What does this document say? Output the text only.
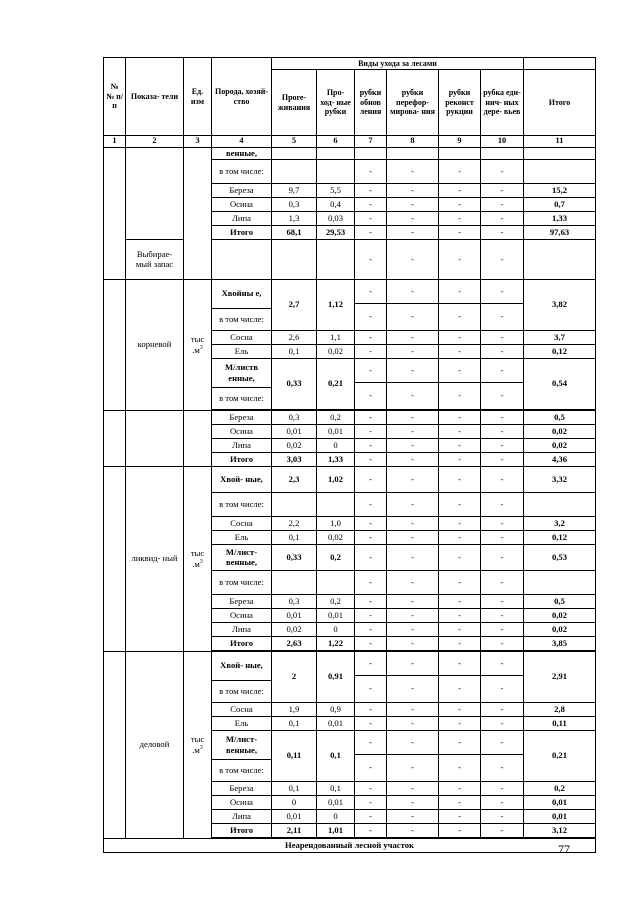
№ № п/п	Показа- тели	Ед. изм	Порода, хозяй- ство	Виды ухода за лесами						
				Прore- живания	Про- ход- ные рубки	рубки обнов ления	рубки перефор- мирова- ния	рубки реконст рукции	рубка еди- нич- ных дере- вьев	Итого
1	2	3	4	5	6	7	8	9	10	11
			венные,							
			в том числе:			-	-	-	-	
			Береза	9,7	5,5	-	-	-	-	15,2
			Осина	0,3	0,4	-	-	-	-	0,7
			Липа	1,3	0,03	-	-	-	-	1,33
			Итого	68,1	29,53	-	-	-	-	97,63
	Выбирае- мый запас					-	-	-	-	
	корневой	тыс $.м^3$	Хвойны е,	2,7	1,12	-	-	-	-	3,82
						-	-	-	-	
			в том числе:							
			Сосна	2,6	1,1	-	-	-	-	3,7
			Ель	0,1	0,02	-	-	-	-	0,12
			М/листв енные,	0,33	0,21	-	-	-	-	0,54
						-	-	-	-	
			в том числе:							

			Береза	0,3	0,2	-	-	-	-	0,5
			Осина	0,01	0,01	-	-	-	-	0,02
			Липа	0,02	0	-	-	-	-	0,02
			Итого	3,03	1,33	-	-	-	-	4,36
	ликвид- ный	тыс $.м^3$	Хвой- ные,	2,3	1,02	-	-	-	-	3,32
			в том числе:			-	-	-	-	
			Сосна	2,2	1,0	-	-	-	-	3,2
			Ель	0,1	0,02	-	-	-	-	0,12
			М/лист- венные,	0,33	0,2	-	-	-	-	0,53
			в том числе:			-	-	-	-	
			Береза	0,3	0,2	-	-	-	-	0,5
			Осина	0,01	0,01	-	-	-	-	0,02
			Липа	0,02	0	-	-	-	-	0,02
			Итого	2,63	1,22	-	-	-	-	3,85

	деловой	тыс $.м^3$	Хвой- ные,	2	0,91	-	-	-	-	2,91
						-	-	-	-	
			в том числе:							
			Сосна	1,9	0,9	-	-	-	-	2,8
			Ель	0,1	0,01	-	-	-	-	0,11
			М/лист- венные,	0,11	0,1	-	-	-	-	0,21
						-	-	-	-	
			в том числе:							
			Береза	0,1	0,1	-	-	-	-	0,2
			Осина	0	0,01	-	-	-	-	0,01
			Липа	0,01	0	-	-	-	-	0,01
			Итого	2,11	1,01	-	-	-	-	3,12

Неарендованный лесной участок											77
